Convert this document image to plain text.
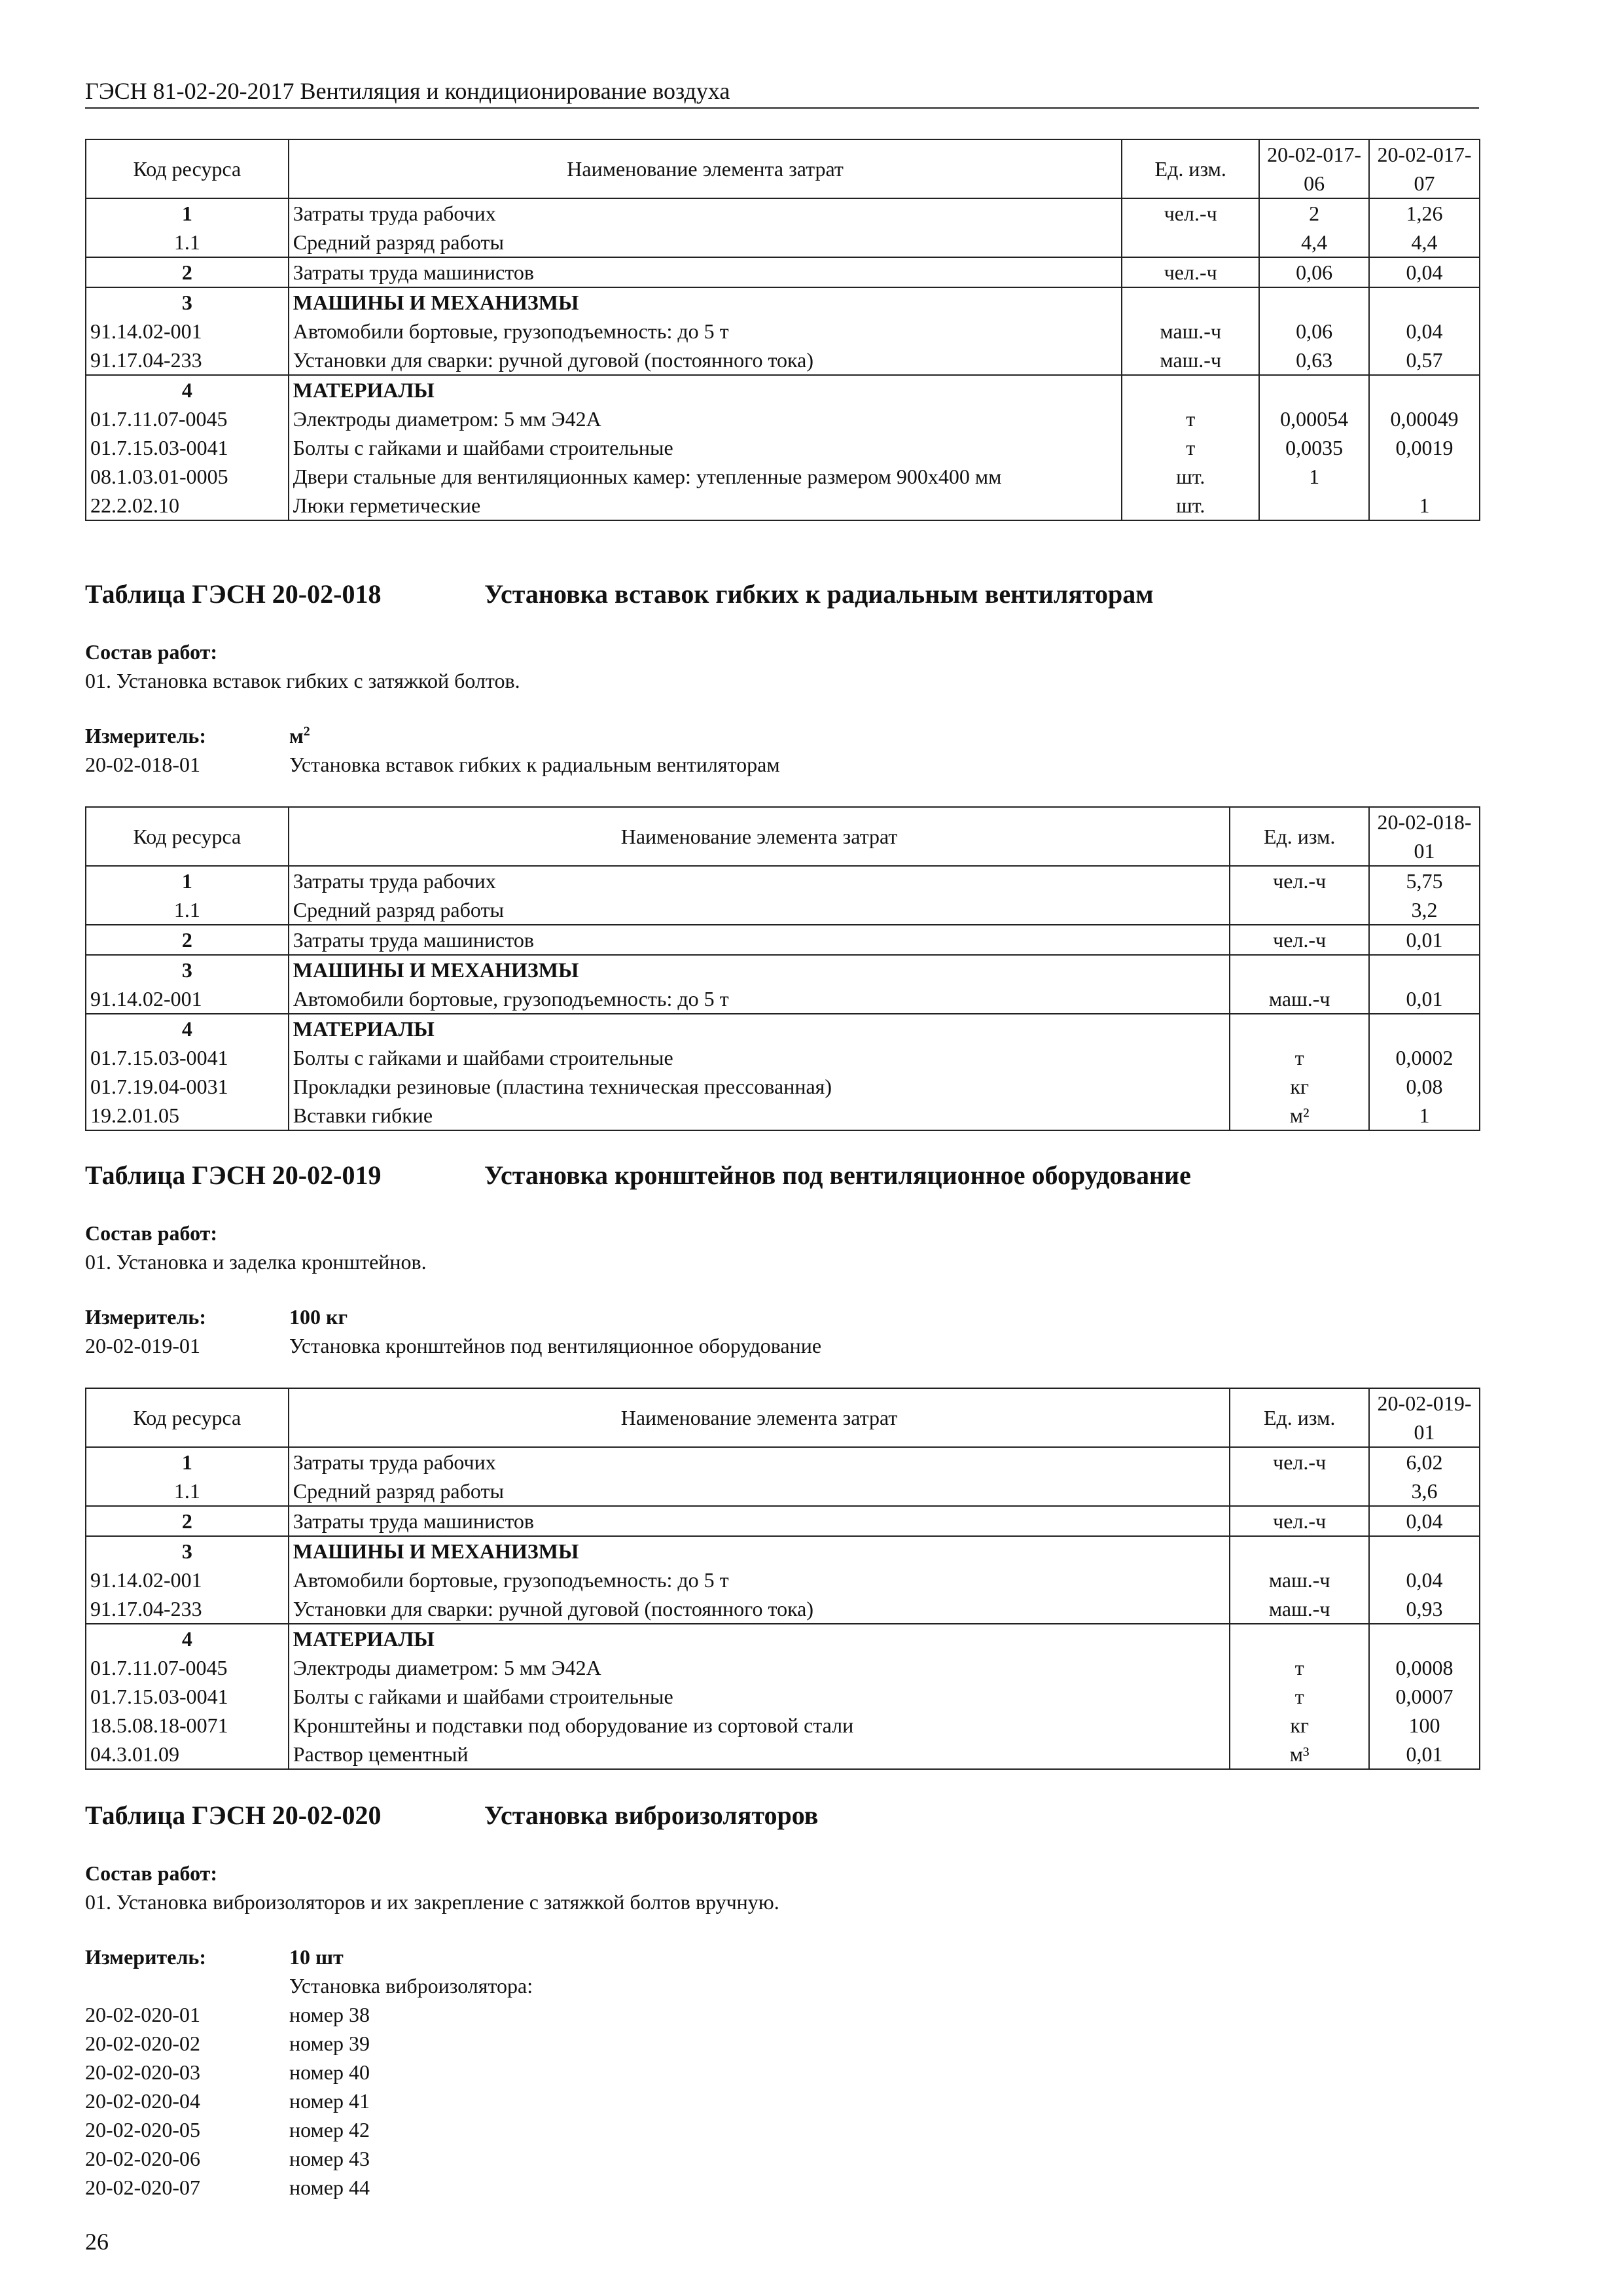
ГЭСН 81-02-20-2017 Вентиляция и кондиционирование воздуха
Код ресурса	Наименование элемента затрат	Ед. изм.	20-02-017-06	20-02-017-07
1	Затраты труда рабочих	чел.-ч	2	1,26
1.1	Средний разряд работы		4,4	4,4
2	Затраты труда машинистов	чел.-ч	0,06	0,04
3	МАШИНЫ И МЕХАНИЗМЫ			
91.14.02-001	Автомобили бортовые, грузоподъемность: до 5 т	маш.-ч	0,06	0,04
91.17.04-233	Установки для сварки: ручной дуговой (постоянного тока)	маш.-ч	0,63	0,57
4	МАТЕРИАЛЫ			
01.7.11.07-0045	Электроды диаметром: 5 мм Э42А	т	0,00054	0,00049
01.7.15.03-0041	Болты с гайками и шайбами строительные	т	0,0035	0,0019
08.1.03.01-0005	Двери стальные для вентиляционных камер: утепленные размером 900х400 мм	шт.	1	
22.2.02.10	Люки герметические	шт.		1
Таблица ГЭСН 20-02-018	Установка вставок гибких к радиальным вентиляторам
Состав работ:
01. Установка вставок гибких с затяжкой болтов.
Измеритель:	$м^2$
20-02-018-01	Установка вставок гибких к радиальным вентиляторам
Код ресурса	Наименование элемента затрат	Ед. изм.	20-02-018-01
1	Затраты труда рабочих	чел.-ч	5,75
1.1	Средний разряд работы		3,2
2	Затраты труда машинистов	чел.-ч	0,01
3	МАШИНЫ И МЕХАНИЗМЫ		
91.14.02-001	Автомобили бортовые, грузоподъемность: до 5 т	маш.-ч	0,01
4	МАТЕРИАЛЫ		
01.7.15.03-0041	Болты с гайками и шайбами строительные	т	0,0002
01.7.19.04-0031	Прокладки резиновые (пластина техническая прессованная)	кг	0,08
19.2.01.05	Вставки гибкие	м²	1
Таблица ГЭСН 20-02-019	Установка кронштейнов под вентиляционное оборудование
Состав работ:
01. Установка и заделка кронштейнов.
Измеритель:	100 кг
20-02-019-01	Установка кронштейнов под вентиляционное оборудование
Код ресурса	Наименование элемента затрат	Ед. изм.	20-02-019-01
1	Затраты труда рабочих	чел.-ч	6,02
1.1	Средний разряд работы		3,6
2	Затраты труда машинистов	чел.-ч	0,04
3	МАШИНЫ И МЕХАНИЗМЫ		
91.14.02-001	Автомобили бортовые, грузоподъемность: до 5 т	маш.-ч	0,04
91.17.04-233	Установки для сварки: ручной дуговой (постоянного тока)	маш.-ч	0,93
4	МАТЕРИАЛЫ		
01.7.11.07-0045	Электроды диаметром: 5 мм Э42А	т	0,0008
01.7.15.03-0041	Болты с гайками и шайбами строительные	т	0,0007
18.5.08.18-0071	Кронштейны и подставки под оборудование из сортовой стали	кг	100
04.3.01.09	Раствор цементный	м³	0,01
Таблица ГЭСН 20-02-020	Установка виброизоляторов
Состав работ:
01. Установка виброизоляторов и их закрепление с затяжкой болтов вручную.
Измеритель:	10 шт
Установка виброизолятора:
20-02-020-01	номер 38
20-02-020-02	номер 39
20-02-020-03	номер 40
20-02-020-04	номер 41
20-02-020-05	номер 42
20-02-020-06	номер 43
20-02-020-07	номер 44
26
